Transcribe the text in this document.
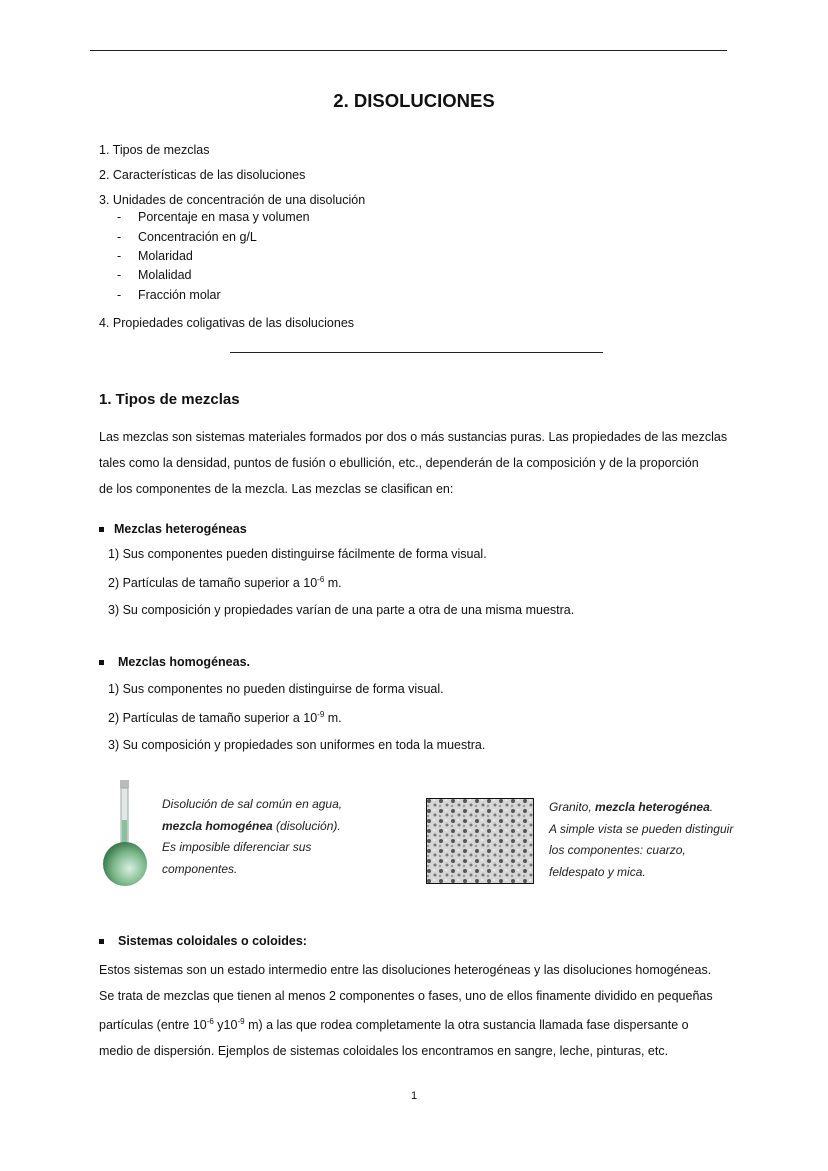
2. DISOLUCIONES
1. Tipos de mezclas
2. Características de las disoluciones
3. Unidades de concentración de una disolución
- Porcentaje en masa y volumen
- Concentración en g/L
- Molaridad
- Molalidad
- Fracción molar
4. Propiedades coligativas de las disoluciones
1. Tipos de mezclas
Las mezclas son sistemas materiales formados por dos o más sustancias puras. Las propiedades de las mezclas
tales como la densidad, puntos de fusión o ebullición, etc., dependerán de la composición y de la proporción
de los componentes de la mezcla. Las mezclas se clasifican en:
Mezclas heterogéneas
1) Sus componentes pueden distinguirse fácilmente de forma visual.
2) Partículas de tamaño superior a $10^{-6}$ m.
3) Su composición y propiedades varían de una parte a otra de una misma muestra.
Mezclas homogéneas.
1) Sus componentes no pueden distinguirse de forma visual.
2) Partículas de tamaño superior a $10^{-9}$ m.
3) Su composición y propiedades son uniformes en toda la muestra.
Disolución de sal común en agua,
mezcla homogénea (disolución).
Es imposible diferenciar sus
componentes.
Granito, mezcla heterogénea.
A simple vista se pueden distinguir
los componentes: cuarzo,
feldespato y mica.
Sistemas coloidales o coloides:
Estos sistemas son un estado intermedio entre las disoluciones heterogéneas y las disoluciones homogéneas.
Se trata de mezclas que tienen al menos 2 componentes o fases, uno de ellos finamente dividido en pequeñas
partículas (entre $10^{-6}$ $y10^{-9}$ m) a las que rodea completamente la otra sustancia llamada fase dispersante o
medio de dispersión. Ejemplos de sistemas coloidales los encontramos en sangre, leche, pinturas, etc.
1
